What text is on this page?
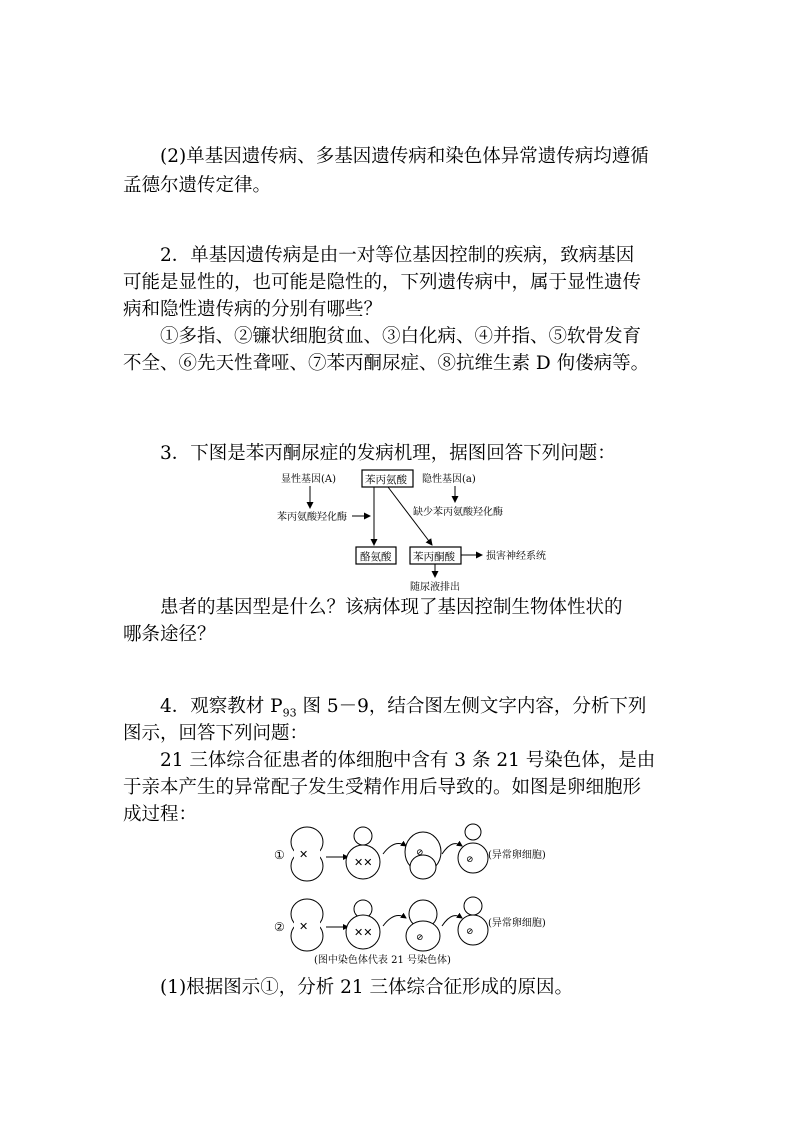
(2)单基因遗传病、多基因遗传病和染色体异常遗传病均遵循
孟德尔遗传定律。
2．单基因遗传病是由一对等位基因控制的疾病，致病基因
可能是显性的，也可能是隐性的，下列遗传病中，属于显性遗传
病和隐性遗传病的分别有哪些？
①多指、②镰状细胞贫血、③白化病、④并指、⑤软骨发育
不全、⑥先天性聋哑、⑦苯丙酮尿症、⑧抗维生素 D 佝偻病等。
3．下图是苯丙酮尿症的发病机理，据图回答下列问题：
显性基因(A)	苯丙氨酸 隐性基因(a)
苯丙氨酸羟化酶	缺少苯丙氨酸羟化酶
酪氨酸 苯丙酮酸	损害神经系统
随尿液排出
患者的基因型是什么？该病体现了基因控制生物体性状的
哪条途径？
4．观察教材 $P_{93}$ 图 5－9，结合图左侧文字内容，分析下列
图示，回答下列问题：
21 三体综合征患者的体细胞中含有 3 条 21 号染色体，是由
于亲本产生的异常配子发生受精作用后导致的。如图是卵细胞形
成过程：
① ✕
✕✕
⊘
⊘ (异常卵细胞)
② ✕	✕✕	⊘
⊘
(异常卵细胞)
(图中染色体代表 21 号染色体)
(1)根据图示①，分析 21 三体综合征形成的原因。
